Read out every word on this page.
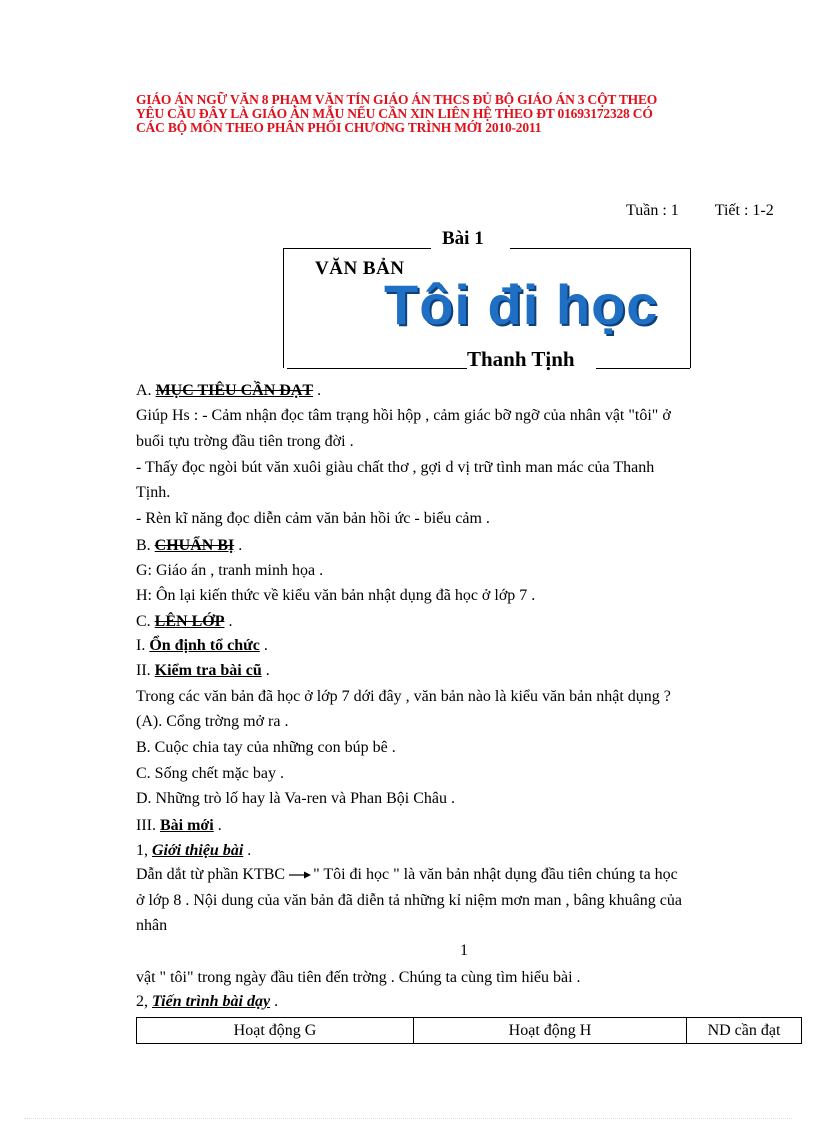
GIÁO ÁN NGỮ VĂN 8 PHẠM VĂN TÍN GIÁO ÁN THCS ĐỦ BỘ GIÁO ÁN 3 CỘT THEO
YÊU CẦU ĐÂY LÀ GIÁO ÁN MẪU NẾU CẦN XIN LIÊN HỆ THEO ĐT 01693172328 CÓ
CÁC BỘ MÔN THEO PHÂN PHỐI CHƯƠNG TRÌNH MỚI 2010-2011
Tuần : 1 Tiết : 1-2
Bài 1
VĂN BẢN
Tôi đi học
Thanh Tịnh
A. MỤC TIÊU CẦN ĐẠT .
Giúp Hs : - Cảm nhận đọc tâm trạng hồi hộp , cảm giác bỡ ngỡ của nhân vật "tôi" ở
buổi tựu trờng đầu tiên trong đời .
- Thấy đọc ngòi bút văn xuôi giàu chất thơ , gợi d vị trữ tình man mác của Thanh
Tịnh.
- Rèn kĩ năng đọc diễn cảm văn bản hồi ức - biểu cảm .
B. CHUẨN BỊ .
G: Giáo án , tranh minh họa .
H: Ôn lại kiến thức về kiểu văn bản nhật dụng đã học ở lớp 7 .
C. LÊN LỚP .
I. Ổn định tổ chức .
II. Kiểm tra bài cũ .
Trong các văn bản đã học ở lớp 7 dới đây , văn bản nào là kiểu văn bản nhật dụng ?
(A). Cổng trờng mở ra .
B. Cuộc chia tay của những con búp bê .
C. Sống chết mặc bay .
D. Những trò lố hay là Va-ren và Phan Bội Châu .
III. Bài mới .
1, Giới thiệu bài .
Dẫn dắt từ phần KTBC " Tôi đi học " là văn bản nhật dụng đầu tiên chúng ta học
ở lớp 8 . Nội dung của văn bản đã diễn tả những kỉ niệm mơn man , bâng khuâng của
nhân
1
vật " tôi" trong ngày đầu tiên đến trờng . Chúng ta cùng tìm hiểu bài .
2, Tiến trình bài dạy .
Hoạt động G	Hoạt động H	ND cần đạt
